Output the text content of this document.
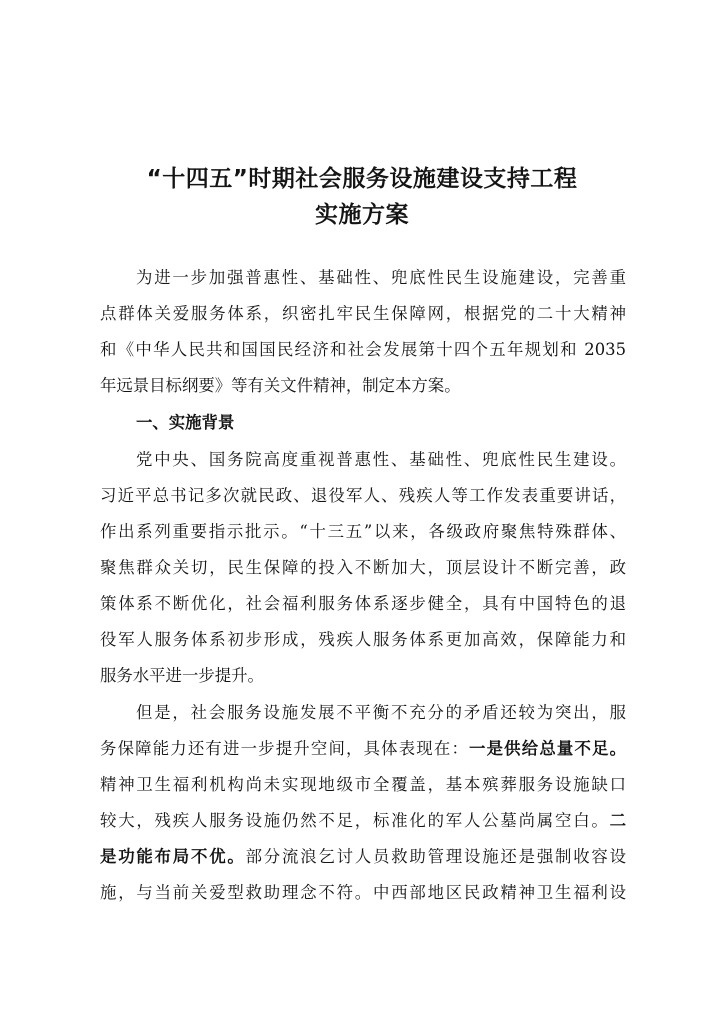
“十四五”时期社会服务设施建设支持工程
实施方案
为进一步加强普惠性、基础性、兜底性民生设施建设，完善重
点群体关爱服务体系，织密扎牢民生保障网，根据党的二十大精神
和《中华人民共和国国民经济和社会发展第十四个五年规划和 2035
年远景目标纲要》等有关文件精神，制定本方案。
一、实施背景
党中央、国务院高度重视普惠性、基础性、兜底性民生建设。
习近平总书记多次就民政、退役军人、残疾人等工作发表重要讲话，
作出系列重要指示批示。“十三五”以来，各级政府聚焦特殊群体、
聚焦群众关切，民生保障的投入不断加大，顶层设计不断完善，政
策体系不断优化，社会福利服务体系逐步健全，具有中国特色的退
役军人服务体系初步形成，残疾人服务体系更加高效，保障能力和
服务水平进一步提升。
但是，社会服务设施发展不平衡不充分的矛盾还较为突出，服
务保障能力还有进一步提升空间，具体表现在：一是供给总量不足。
精神卫生福利机构尚未实现地级市全覆盖，基本殡葬服务设施缺口
较大，残疾人服务设施仍然不足，标准化的军人公墓尚属空白。二
是功能布局不优。部分流浪乞讨人员救助管理设施还是强制收容设
施，与当前关爱型救助理念不符。中西部地区民政精神卫生福利设
